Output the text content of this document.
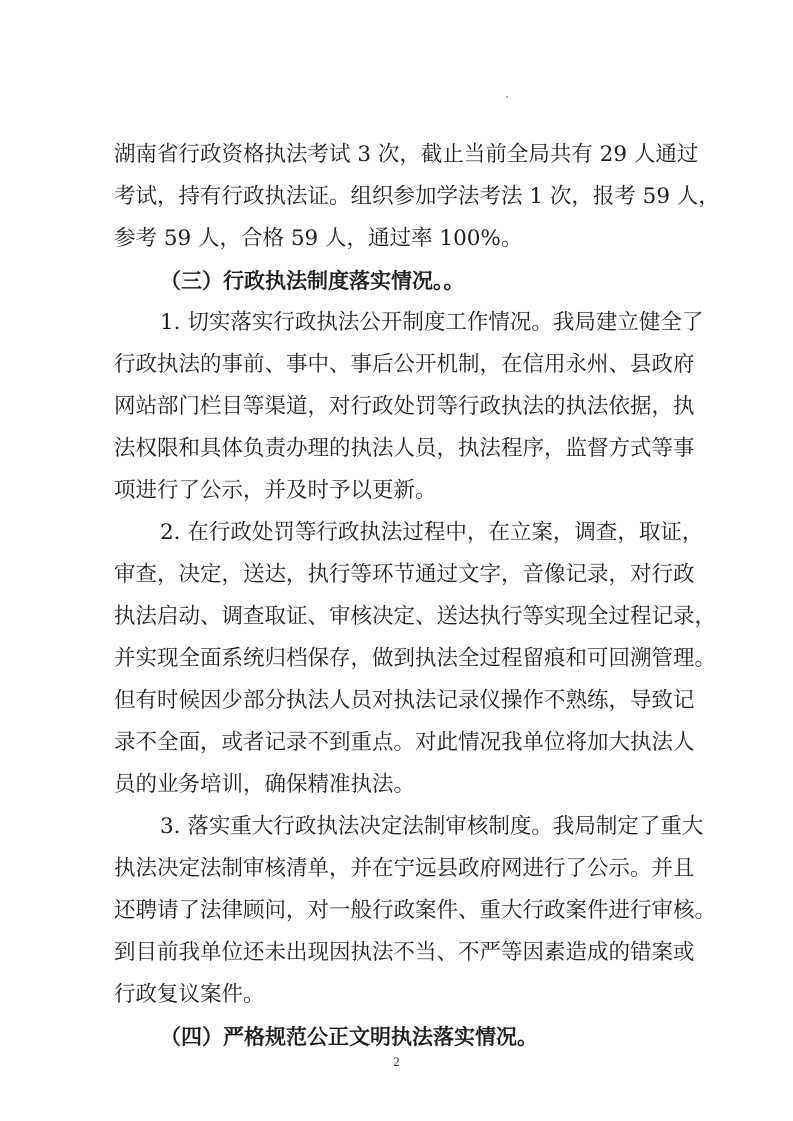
湖南省行政资格执法考试 3 次，截止当前全局共有 29 人通过
考试，持有行政执法证。组织参加学法考法 1 次，报考 59 人，
参考 59 人，合格 59 人，通过率 100%。
（三）行政执法制度落实情况。。
1. 切实落实行政执法公开制度工作情况。我局建立健全了
行政执法的事前、事中、事后公开机制，在信用永州、县政府
网站部门栏目等渠道，对行政处罚等行政执法的执法依据，执
法权限和具体负责办理的执法人员，执法程序，监督方式等事
项进行了公示，并及时予以更新。
2. 在行政处罚等行政执法过程中，在立案，调查，取证，
审查，决定，送达，执行等环节通过文字，音像记录，对行政
执法启动、调查取证、审核决定、送达执行等实现全过程记录，
并实现全面系统归档保存，做到执法全过程留痕和可回溯管理。
但有时候因少部分执法人员对执法记录仪操作不熟练，导致记
录不全面，或者记录不到重点。对此情况我单位将加大执法人
员的业务培训，确保精准执法。
3. 落实重大行政执法决定法制审核制度。我局制定了重大
执法决定法制审核清单，并在宁远县政府网进行了公示。并且
还聘请了法律顾问，对一般行政案件、重大行政案件进行审核。
到目前我单位还未出现因执法不当、不严等因素造成的错案或
行政复议案件。
（四）严格规范公正文明执法落实情况。
2
